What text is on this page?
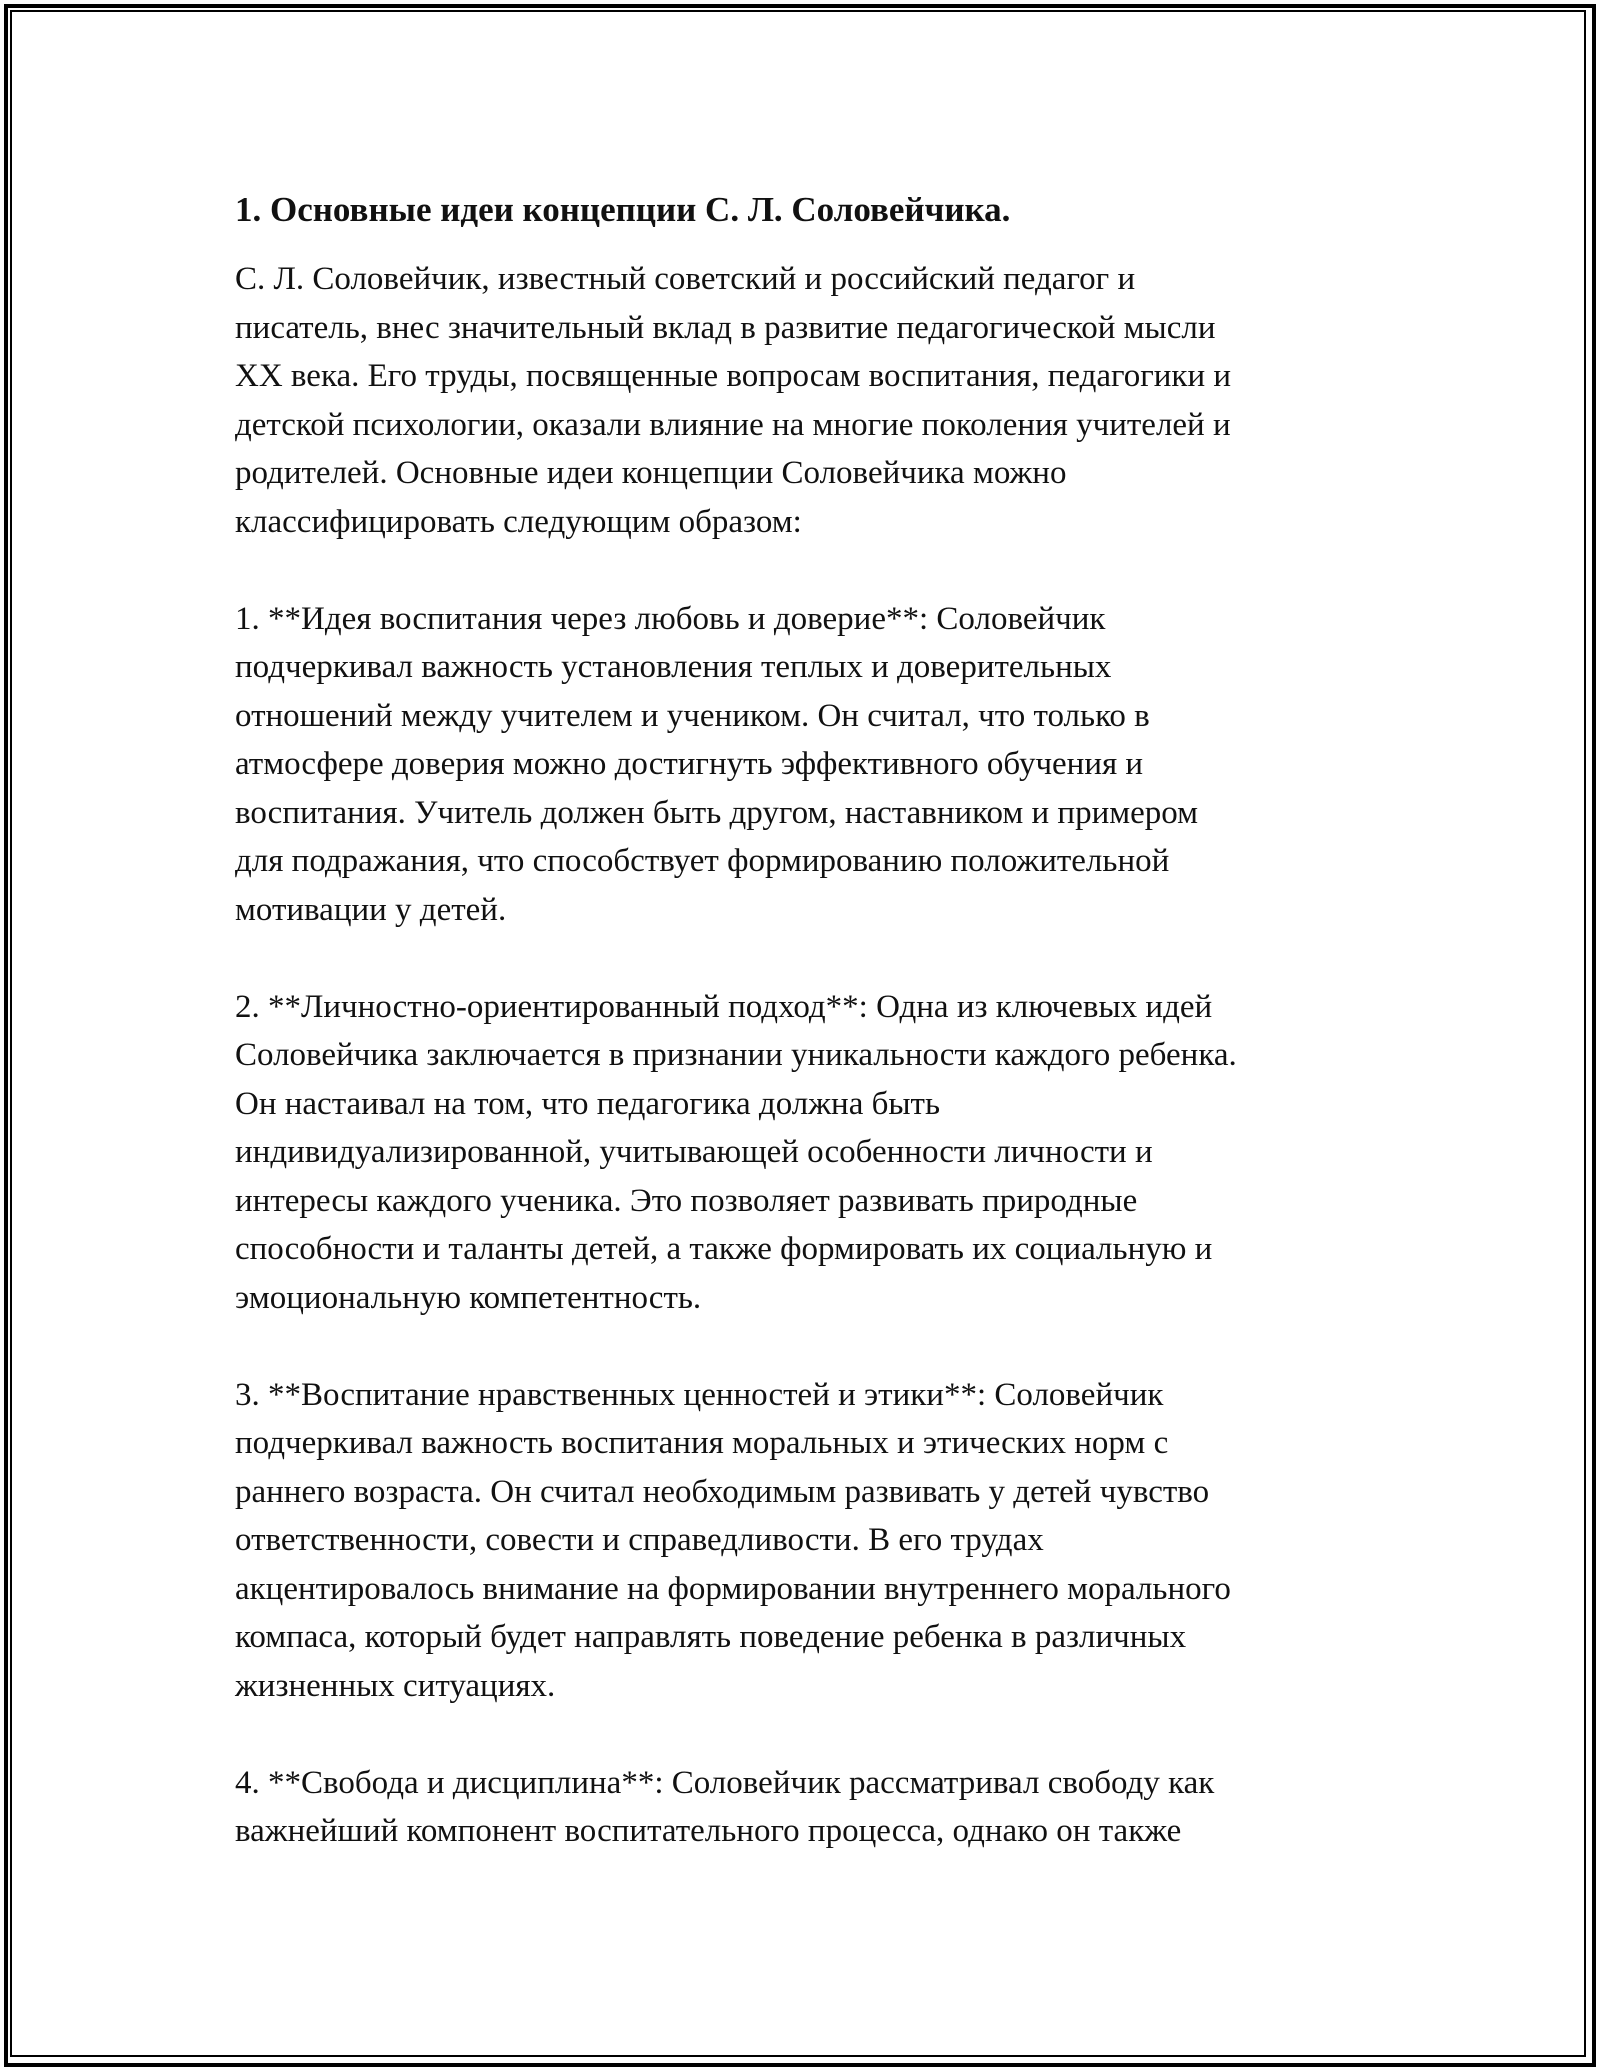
1. Основные идеи концепции С. Л. Соловейчика.
С. Л. Соловейчик, известный советский и российский педагог и
писатель, внес значительный вклад в развитие педагогической мысли
XX века. Его труды, посвященные вопросам воспитания, педагогики и
детской психологии, оказали влияние на многие поколения учителей и
родителей. Основные идеи концепции Соловейчика можно
классифицировать следующим образом:
1. **Идея воспитания через любовь и доверие**: Соловейчик
подчеркивал важность установления теплых и доверительных
отношений между учителем и учеником. Он считал, что только в
атмосфере доверия можно достигнуть эффективного обучения и
воспитания. Учитель должен быть другом, наставником и примером
для подражания, что способствует формированию положительной
мотивации у детей.
2. **Личностно-ориентированный подход**: Одна из ключевых идей
Соловейчика заключается в признании уникальности каждого ребенка.
Он настаивал на том, что педагогика должна быть
индивидуализированной, учитывающей особенности личности и
интересы каждого ученика. Это позволяет развивать природные
способности и таланты детей, а также формировать их социальную и
эмоциональную компетентность.
3. **Воспитание нравственных ценностей и этики**: Соловейчик
подчеркивал важность воспитания моральных и этических норм с
раннего возраста. Он считал необходимым развивать у детей чувство
ответственности, совести и справедливости. В его трудах
акцентировалось внимание на формировании внутреннего морального
компаса, который будет направлять поведение ребенка в различных
жизненных ситуациях.
4. **Свобода и дисциплина**: Соловейчик рассматривал свободу как
важнейший компонент воспитательного процесса, однако он также
